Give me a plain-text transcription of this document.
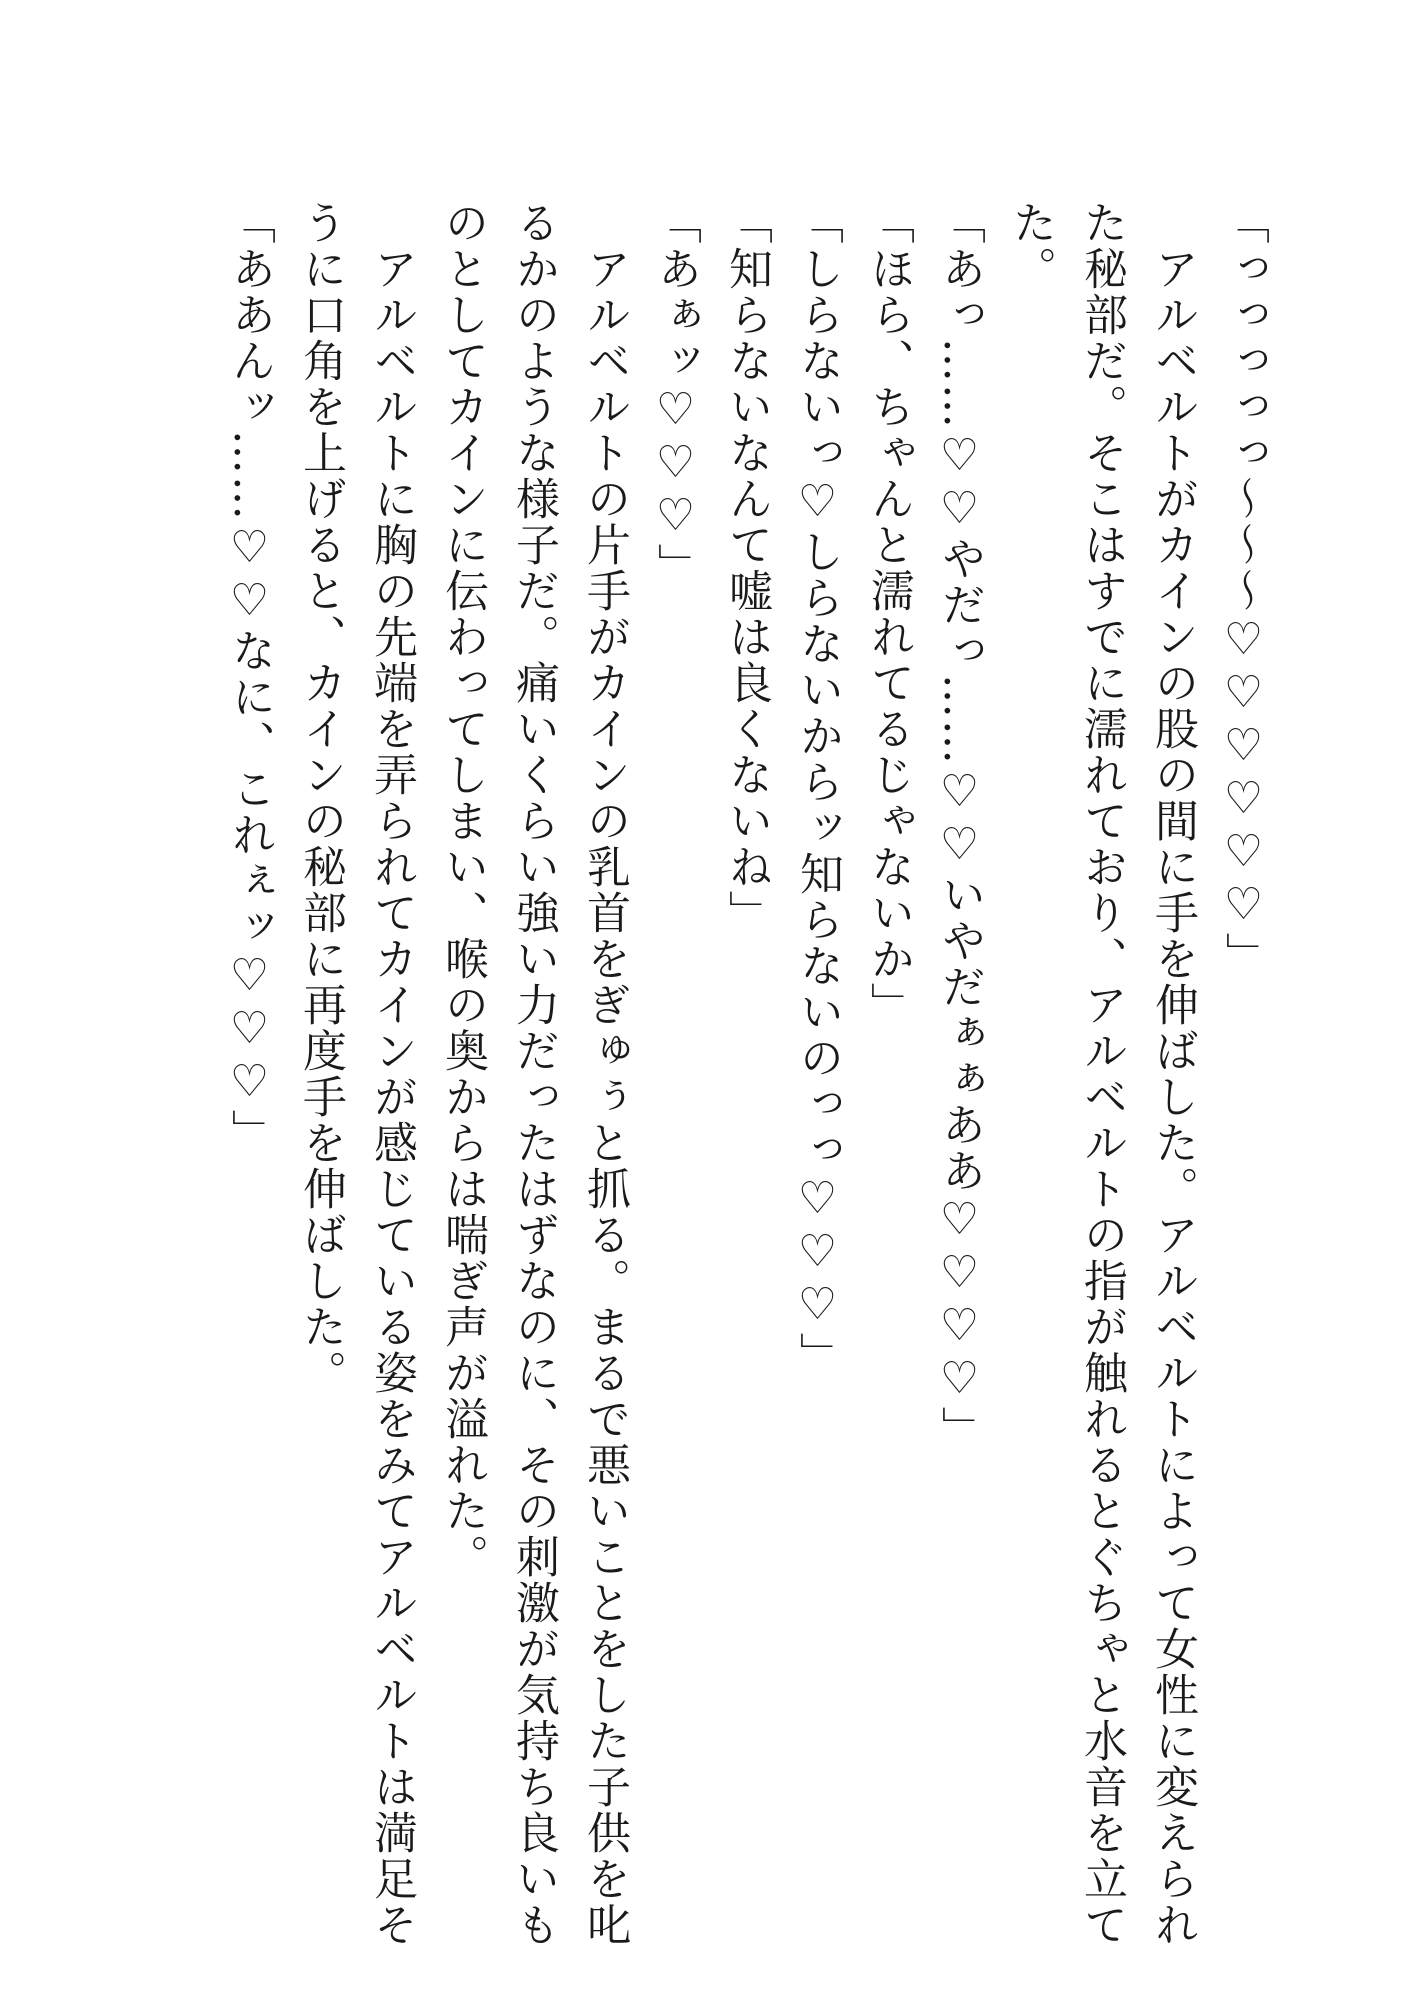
「っっっっっ〜〜〜♡♡♡♡♡♡」
　アルベルトがカインの股の間に手を伸ばした。アルベルトによって女性に変えられ
た秘部だ。そこはすでに濡れており、アルベルトの指が触れるとぐちゃと水音を立て
た。
「あっ……♡♡やだっ……♡♡いやだぁぁああ♡♡♡♡」
「ほら、ちゃんと濡れてるじゃないか」
「しらないっ♡しらないからッ知らないのっっ♡♡♡」
「知らないなんて嘘は良くないね」
「あぁッ♡♡♡」
　アルベルトの片手がカインの乳首をぎゅぅと抓る。まるで悪いことをした子供を叱
るかのような様子だ。痛いくらい強い力だったはずなのに、その刺激が気持ち良いも
のとしてカインに伝わってしまい、喉の奥からは喘ぎ声が溢れた。
　アルベルトに胸の先端を弄られてカインが感じている姿をみてアルベルトは満足そ
うに口角を上げると、カインの秘部に再度手を伸ばした。
「ああんッ……♡♡なに、これぇッ♡♡♡」
